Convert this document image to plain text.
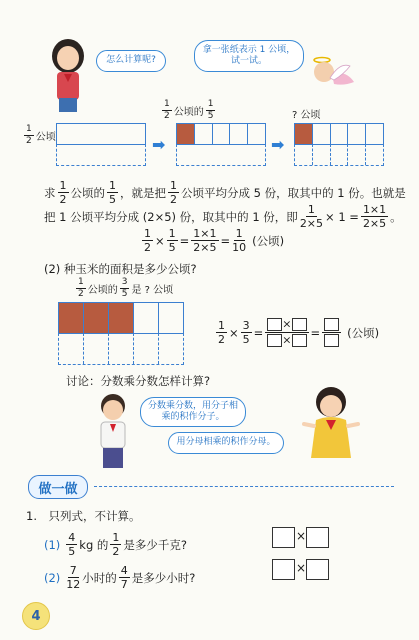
怎么计算呢?
拿一张纸表示 1 公顷，试一试。
$\frac{1}{2}$ 公顷	➡
$\frac{1}{2}$ 公顷的 $\frac{1}{5}$
➡
? 公顷
求 $\frac{1}{2}$ 公顷的 $\frac{1}{5}$ ，就是把 $\frac{1}{2}$ 公顷平均分成 5 份，取其中的 1 份。也就是
把 1 公顷平均分成 (2×5) 份，取其中的 1 份，即 $\frac{1}{2\times 5} \times 1 = \frac{1\times 1}{2\times 5}$ 。
$\frac{1}{2} \times \frac{1}{5} = \frac{1\times 1}{2\times 5} = \frac{1}{10}$ (公顷)
(2) 种玉米的面积是多少公顷?
$\frac{1}{2}$ 公顷的 $\frac{3}{5}$ 是 ? 公顷
$\frac{1}{2} \times \frac{3}{5} = \frac{\times}{\times}$ = (公顷)
讨论：分数乘分数怎样计算?
分数乘分数，用分子相乘的积作分子。
用分母相乘的积作分母。
做一做
1.　只列式，不计算。
$(1) \frac{4}{5}$ kg 的 $\frac{1}{2}$ 是多少千克?
×
$(2) \frac{7}{12}$ 小时的 $\frac{4}{7}$ 是多少小时?
×
4
